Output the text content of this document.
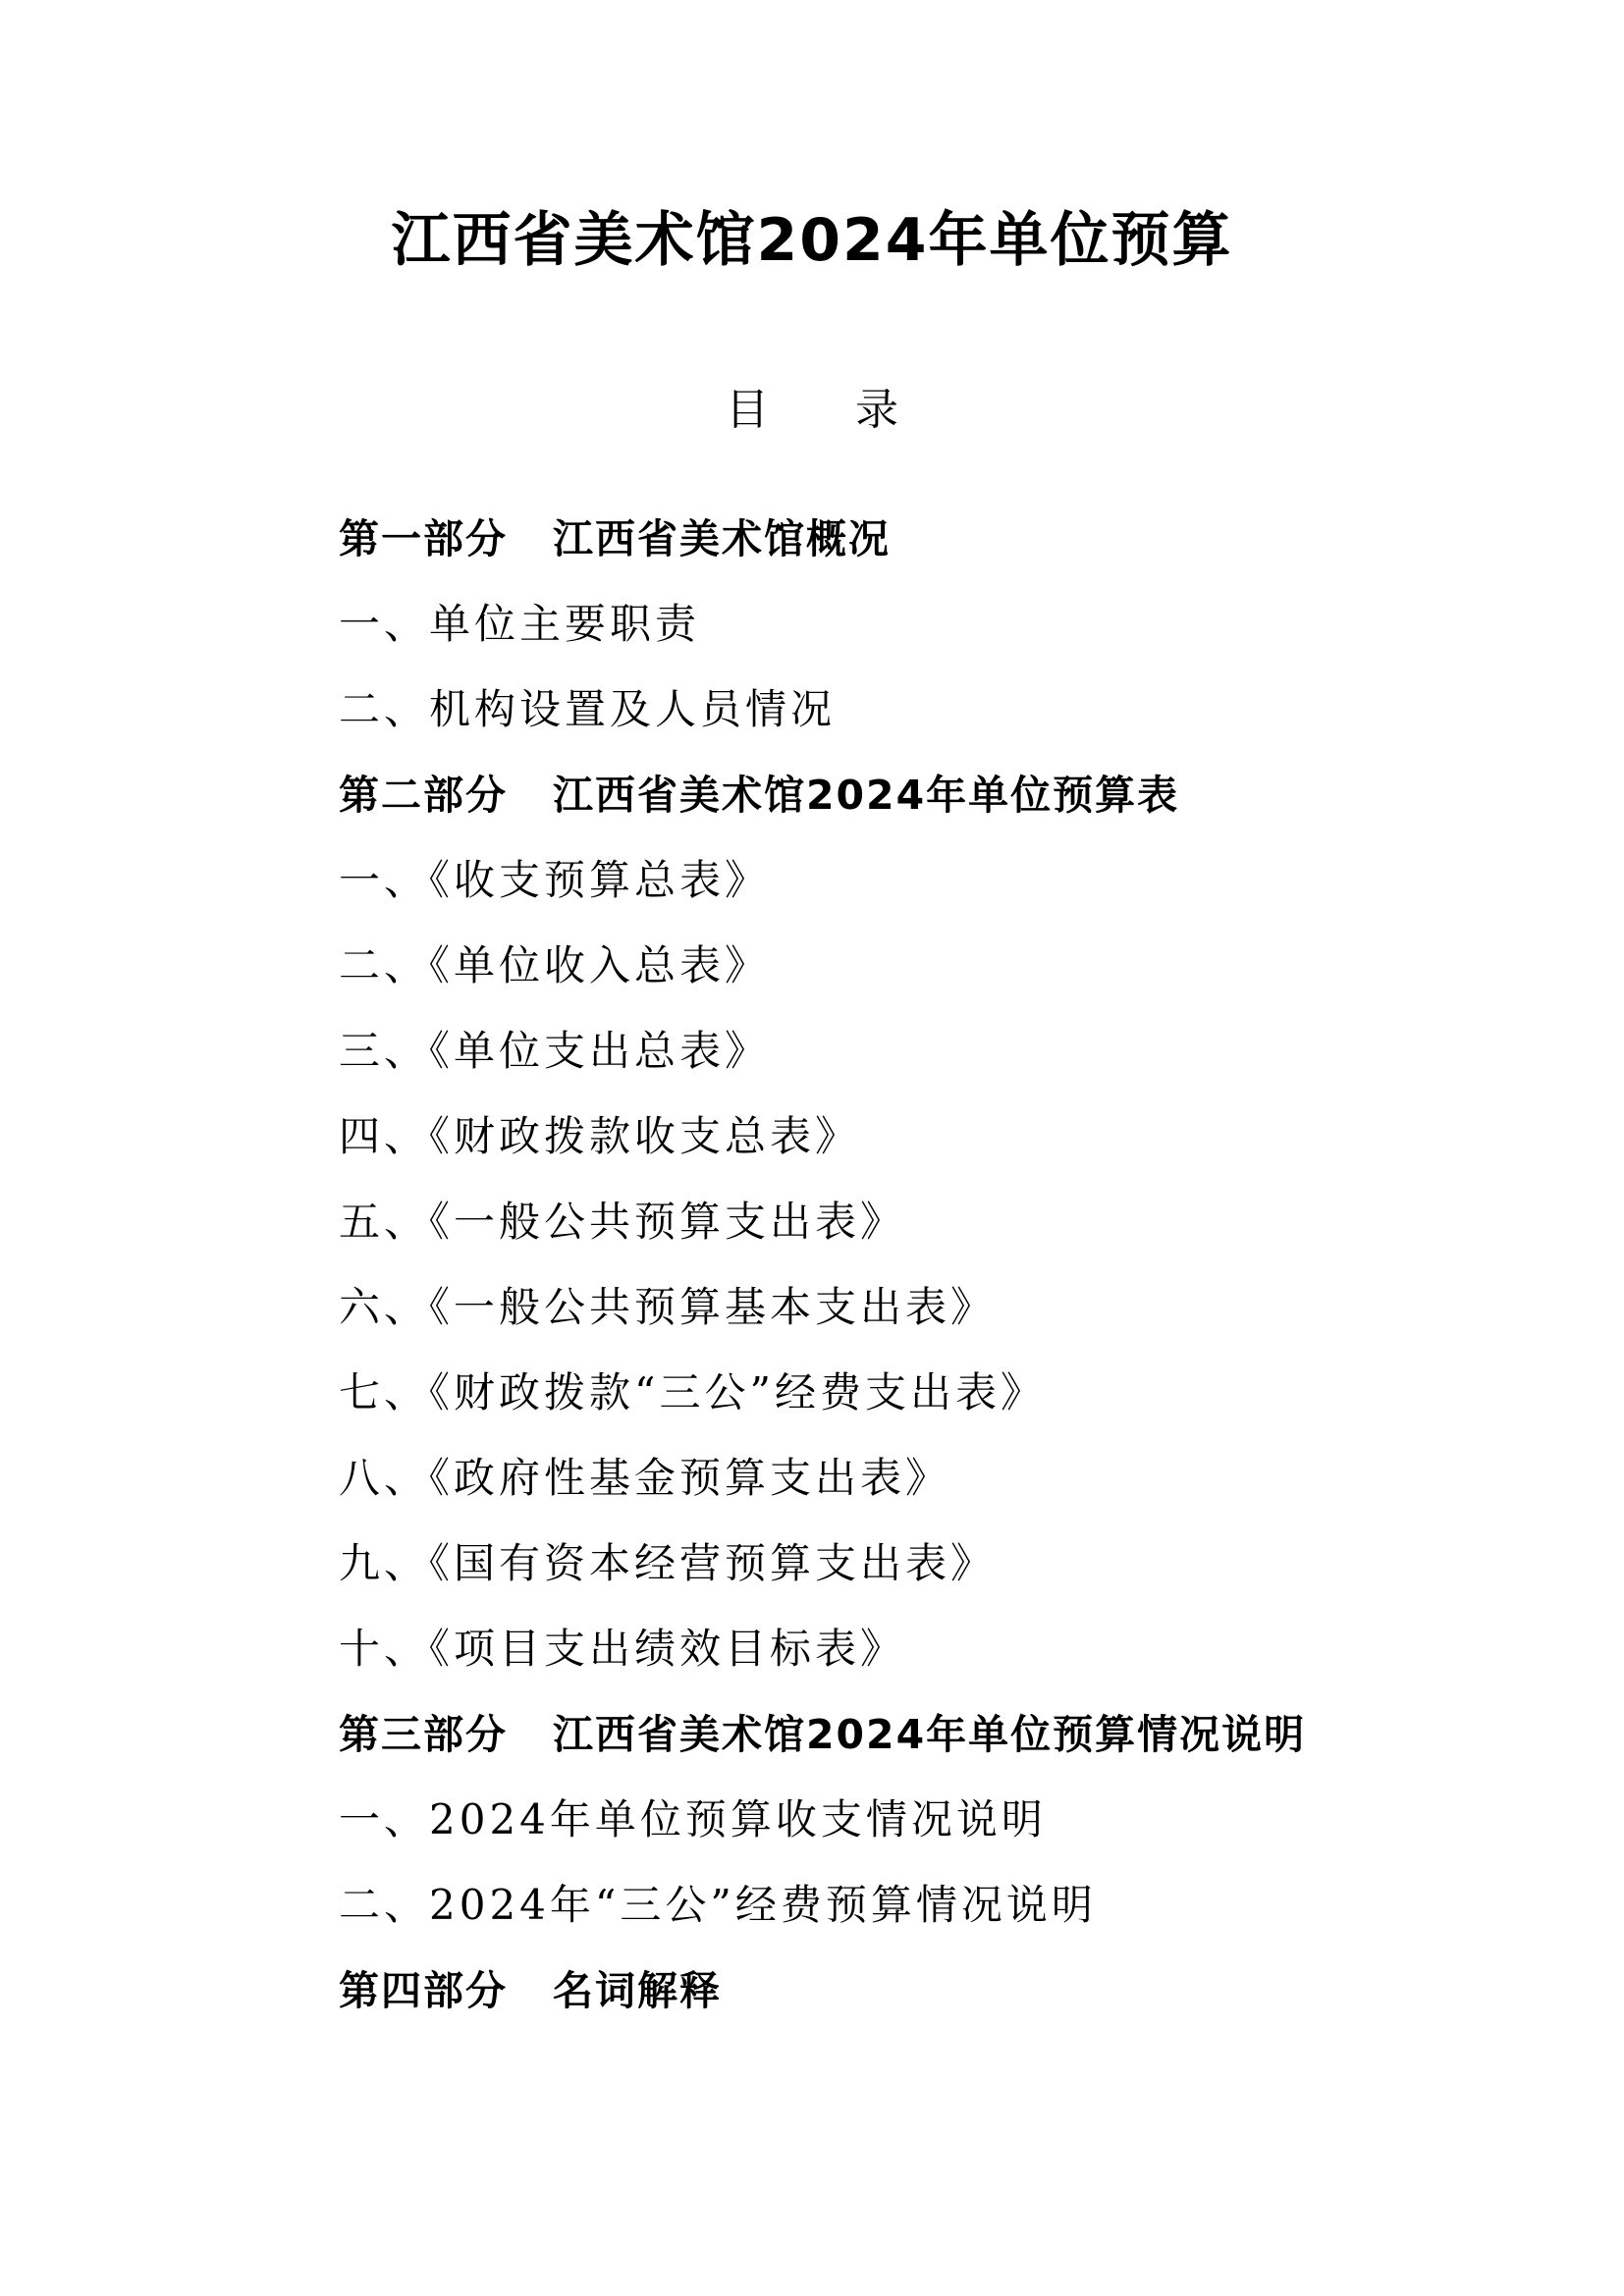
江西省美术馆2024年单位预算
目 录
第一部分 江西省美术馆概况
一、单位主要职责
二、机构设置及人员情况
第二部分 江西省美术馆2024年单位预算表
一、《收支预算总表》
二、《单位收入总表》
三、《单位支出总表》
四、《财政拨款收支总表》
五、《一般公共预算支出表》
六、《一般公共预算基本支出表》
七、《财政拨款“三公”经费支出表》
八、《政府性基金预算支出表》
九、《国有资本经营预算支出表》
十、《项目支出绩效目标表》
第三部分 江西省美术馆2024年单位预算情况说明
一、2024年单位预算收支情况说明
二、2024年“三公”经费预算情况说明
第四部分 名词解释
